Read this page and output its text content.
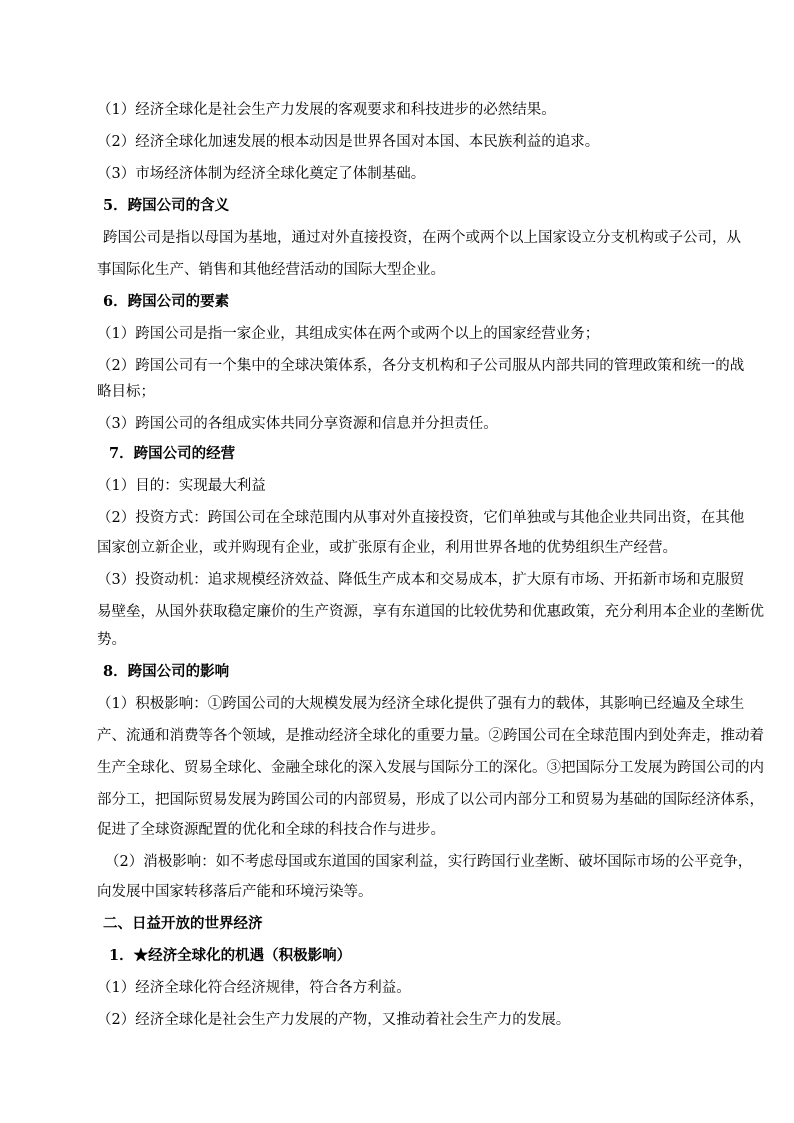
（1）经济全球化是社会生产力发展的客观要求和科技进步的必然结果。
（2）经济全球化加速发展的根本动因是世界各国对本国、本民族利益的追求。
（3）市场经济体制为经济全球化奠定了体制基础。
5．跨国公司的含义
跨国公司是指以母国为基地，通过对外直接投资，在两个或两个以上国家设立分支机构或子公司，从
事国际化生产、销售和其他经营活动的国际大型企业。
6．跨国公司的要素
（1）跨国公司是指一家企业，其组成实体在两个或两个以上的国家经营业务；
（2）跨国公司有一个集中的全球决策体系，各分支机构和子公司服从内部共同的管理政策和统一的战
略目标；
（3）跨国公司的各组成实体共同分享资源和信息并分担责任。
7．跨国公司的经营
（1）目的：实现最大利益
（2）投资方式：跨国公司在全球范围内从事对外直接投资，它们单独或与其他企业共同出资，在其他
国家创立新企业，或并购现有企业，或扩张原有企业，利用世界各地的优势组织生产经营。
（3）投资动机：追求规模经济效益、降低生产成本和交易成本，扩大原有市场、开拓新市场和克服贸
易壁垒，从国外获取稳定廉价的生产资源，享有东道国的比较优势和优惠政策，充分利用本企业的垄断优
势。
8．跨国公司的影响
（1）积极影响：①跨国公司的大规模发展为经济全球化提供了强有力的载体，其影响已经遍及全球生
产、流通和消费等各个领域，是推动经济全球化的重要力量。②跨国公司在全球范围内到处奔走，推动着
生产全球化、贸易全球化、金融全球化的深入发展与国际分工的深化。③把国际分工发展为跨国公司的内
部分工，把国际贸易发展为跨国公司的内部贸易，形成了以公司内部分工和贸易为基础的国际经济体系，
促进了全球资源配置的优化和全球的科技合作与进步。
（2）消极影响：如不考虑母国或东道国的国家利益，实行跨国行业垄断、破坏国际市场的公平竞争，
向发展中国家转移落后产能和环境污染等。
二、日益开放的世界经济
1．★经济全球化的机遇（积极影响）
（1）经济全球化符合经济规律，符合各方利益。
（2）经济全球化是社会生产力发展的产物，又推动着社会生产力的发展。
